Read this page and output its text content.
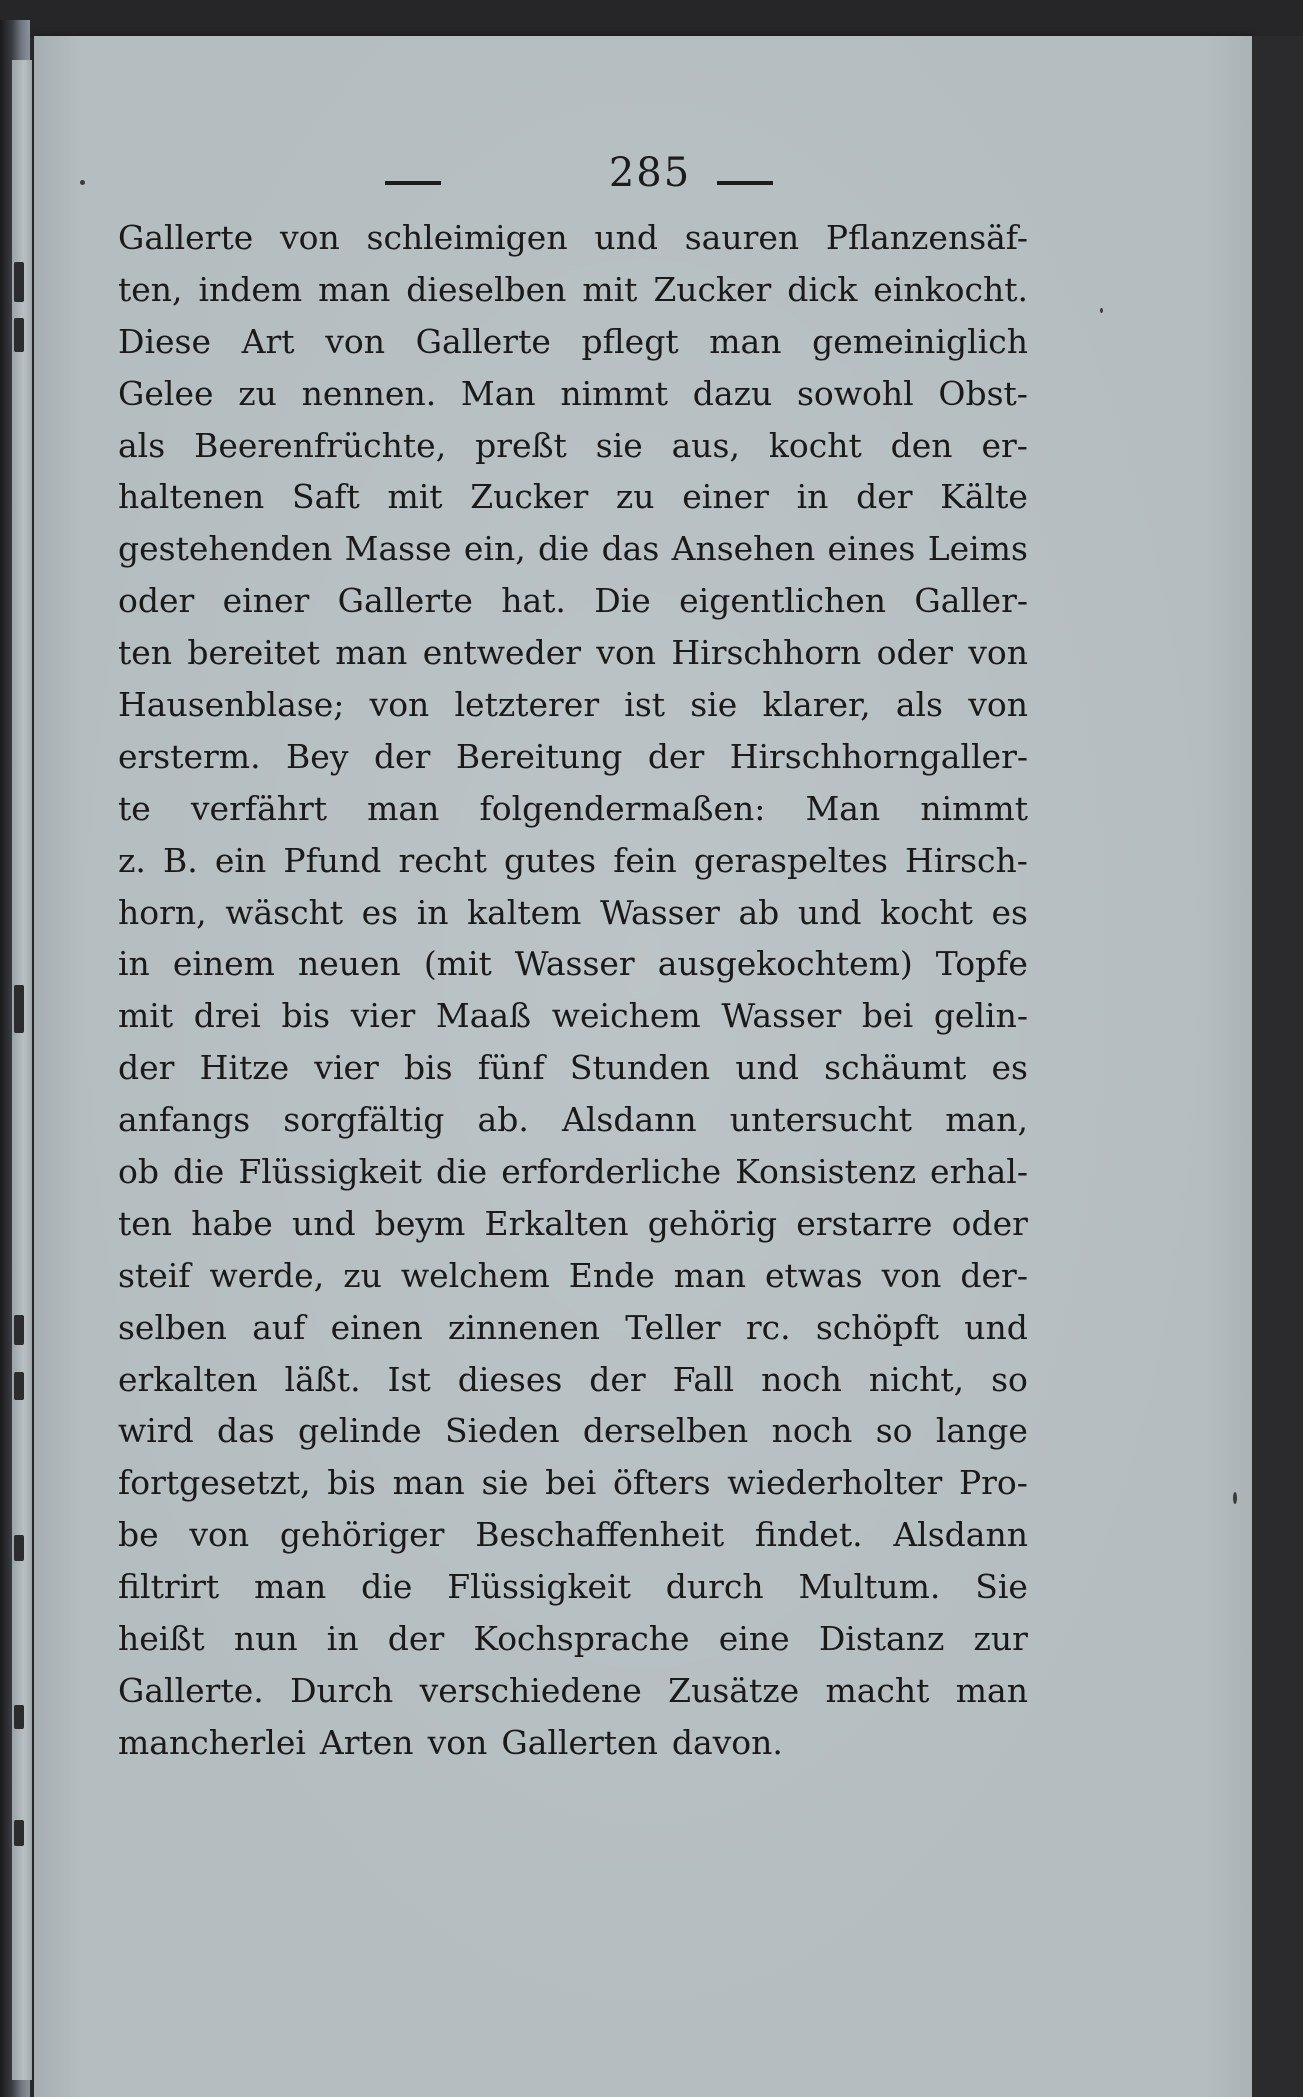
285
Gallerte von schleimigen und sauren Pflanzensäf-
ten, indem man dieselben mit Zucker dick einkocht.
Diese Art von Gallerte pflegt man gemeiniglich
Gelee zu nennen. Man nimmt dazu sowohl Obst-
als Beerenfrüchte, preßt sie aus, kocht den er-
haltenen Saft mit Zucker zu einer in der Kälte
gestehenden Masse ein, die das Ansehen eines Leims
oder einer Gallerte hat. Die eigentlichen Galler-
ten bereitet man entweder von Hirschhorn oder von
Hausenblase; von letzterer ist sie klarer, als von
ersterm. Bey der Bereitung der Hirschhorngaller-
te verfährt man folgendermaßen: Man nimmt
z. B. ein Pfund recht gutes fein geraspeltes Hirsch-
horn, wäscht es in kaltem Wasser ab und kocht es
in einem neuen (mit Wasser ausgekochtem) Topfe
mit drei bis vier Maaß weichem Wasser bei gelin-
der Hitze vier bis fünf Stunden und schäumt es
anfangs sorgfältig ab. Alsdann untersucht man,
ob die Flüssigkeit die erforderliche Konsistenz erhal-
ten habe und beym Erkalten gehörig erstarre oder
steif werde, zu welchem Ende man etwas von der-
selben auf einen zinnenen Teller rc. schöpft und
erkalten läßt. Ist dieses der Fall noch nicht, so
wird das gelinde Sieden derselben noch so lange
fortgesetzt, bis man sie bei öfters wiederholter Pro-
be von gehöriger Beschaffenheit findet. Alsdann
filtrirt man die Flüssigkeit durch Multum. Sie
heißt nun in der Kochsprache eine Distanz zur
Gallerte. Durch verschiedene Zusätze macht man
mancherlei Arten von Gallerten davon.
